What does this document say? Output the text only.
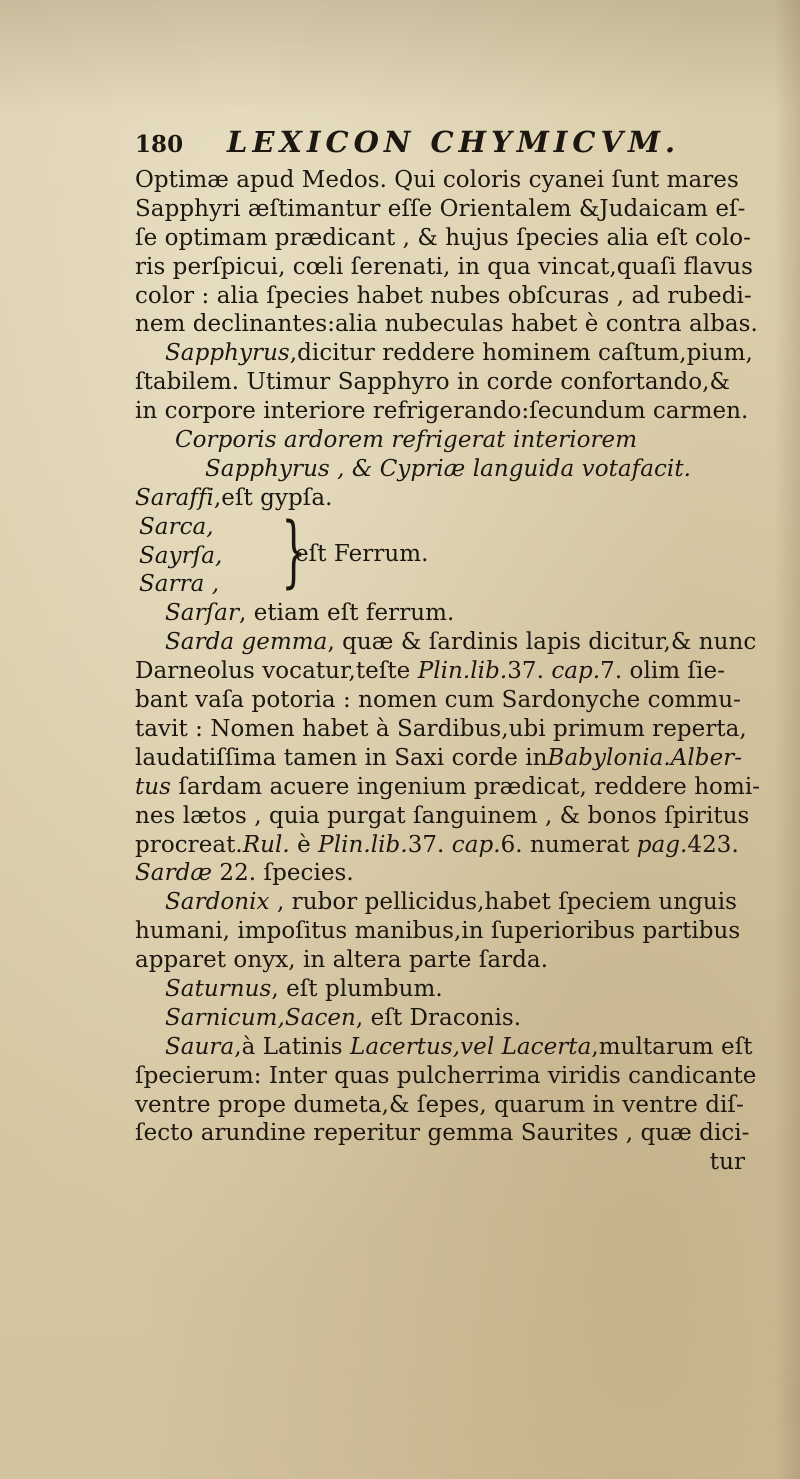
180	LEXICON CHYMICVM.
Optimæ apud Medos. Qui coloris cyanei ſunt mares
Sapphyri æſtimantur eſſe Orientalem &Judaicam eſ-
ſe optimam prædicant , & hujus ſpecies alia eſt colo-
ris perſpicui, cœli ſerenati, in qua vincat,quaſi flavus
color : alia ſpecies habet nubes obſcuras , ad rubedi-
nem declinantes:alia nubeculas habet è contra albas.
Sapphyrus,dicitur reddere hominem caſtum,pium,
ſtabilem. Utimur Sapphyro in corde confortando,&
in corpore interiore refrigerando:ſecundum carmen.
Corporis ardorem refrigerat interiorem
Sapphyrus , & Cypriæ languida votafacit.
Saraffi,eſt gypſa.
Sarca,
Sayrſa,
Sarra , }
eſt Ferrum.
Sarſar, etiam eſt ferrum.
Sarda gemma, quæ & ſardinis lapis dicitur,& nunc
Darneolus vocatur,teſte Plin.lib.37. cap.7. olim ſie-
bant vaſa potoria : nomen cum Sardonyche commu-
tavit : Nomen habet à Sardibus,ubi primum reperta,
laudatiſſima tamen in Saxi corde inBabylonia.Alber-
tus ſardam acuere ingenium prædicat, reddere homi-
nes lætos , quia purgat ſanguinem , & bonos ſpiritus
procreat.Rul. è Plin.lib.37. cap.6. numerat pag.423.
Sardæ 22. ſpecies.
Sardonix , rubor pellicidus,habet ſpeciem unguis
humani, impoſitus manibus,in ſuperioribus partibus
apparet onyx, in altera parte ſarda.
Saturnus, eſt plumbum.
Sarnicum,Sacen, eſt Draconis.
Saura,à Latinis Lacertus,vel Lacerta,multarum eſt
ſpecierum: Inter quas pulcherrima viridis candicante
ventre prope dumeta,& ſepes, quarum in ventre diſ-
ſecto arundine reperitur gemma Saurites , quæ dici-
tur
